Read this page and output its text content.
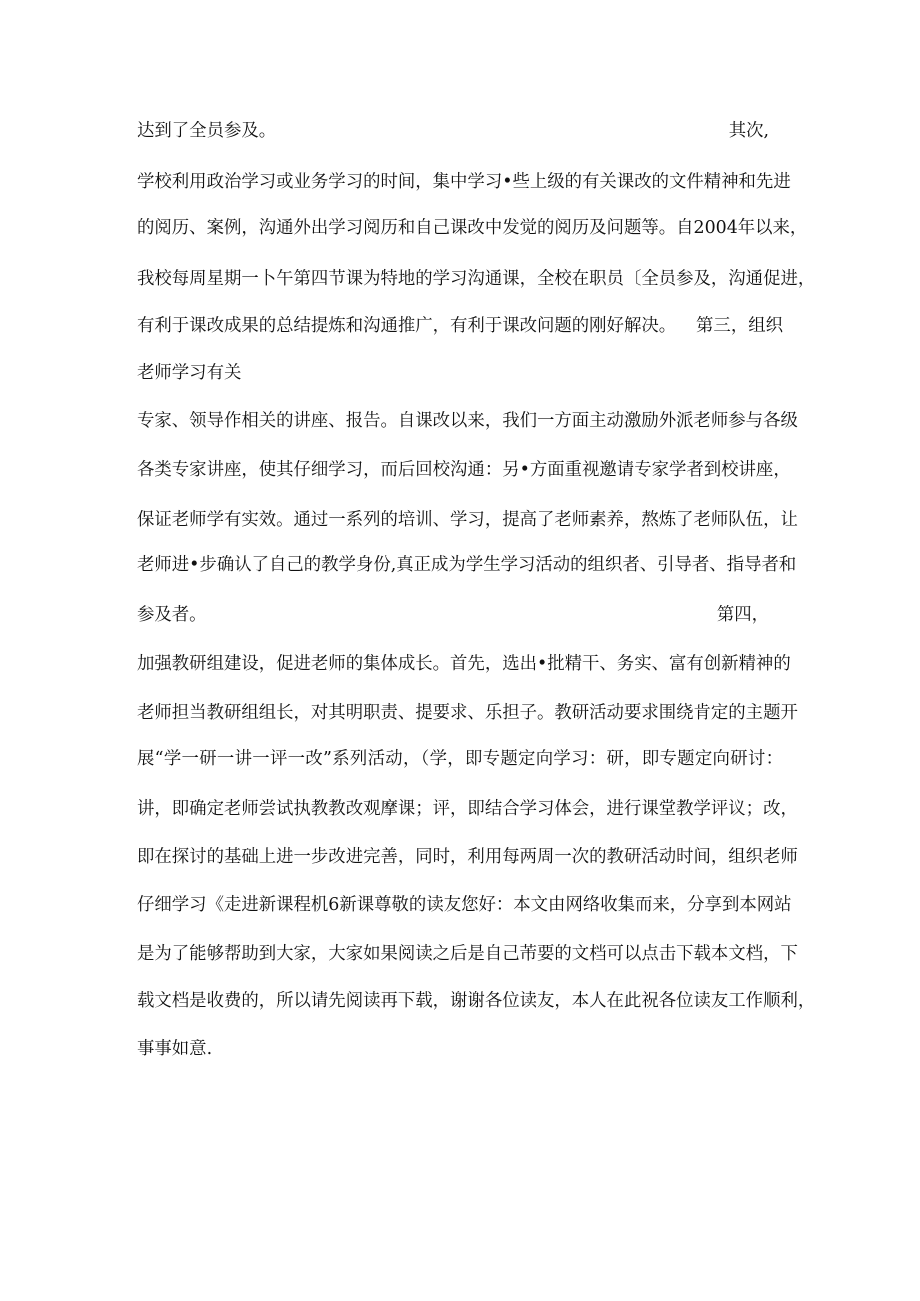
达到了全员参及。	其次,
学校利用政治学习或业务学习的时间，集中学习•些上级的有关课改的文件精神和先进
的阅历、案例，沟通外出学习阅历和自己课改中发觉的阅历及问题等。自2004年以来，
我校每周星期一卜午第四节课为特地的学习沟通课，全校在职员〔全员参及，沟通促进，
有利于课改成果的总结提炼和沟通推广，有利于课改问题的刚好解决。 第三，组织
老师学习有关
专家、领导作相关的讲座、报告。自课改以来，我们一方面主动激励外派老师参与各级
各类专家讲座，使其仔细学习，而后回校沟通：另•方面重视邀请专家学者到校讲座，
保证老师学有实效。通过一系列的培训、学习，提高了老师素养，熬炼了老师队伍，让
老师进•步确认了自己的教学身份,真正成为学生学习活动的组织者、引导者、指导者和
参及者。	第四，
加强教研组建设，促进老师的集体成长。首先，选出•批精干、务实、富有创新精神的
老师担当教研组组长，对其明职责、提要求、乐担子。教研活动要求围绕肯定的主题开
展“学一研一讲一评一改”系列活动，（学，即专题定向学习：研，即专题定向研讨：
讲，即确定老师尝试执教教改观摩课；评，即结合学习体会，进行课堂教学评议；改，
即在探讨的基础上进一步改进完善，同时，利用每两周一次的教研活动时间，组织老师
仔细学习《走进新课程机6新课尊敬的读友您好：本文由网络收集而来，分享到本网站
是为了能够帮助到大家，大家如果阅读之后是自己芾要的文档可以点击下载本文档，下
载文档是收费的，所以请先阅读再下载，谢谢各位读友，本人在此祝各位读友工作顺利，
事事如意.
